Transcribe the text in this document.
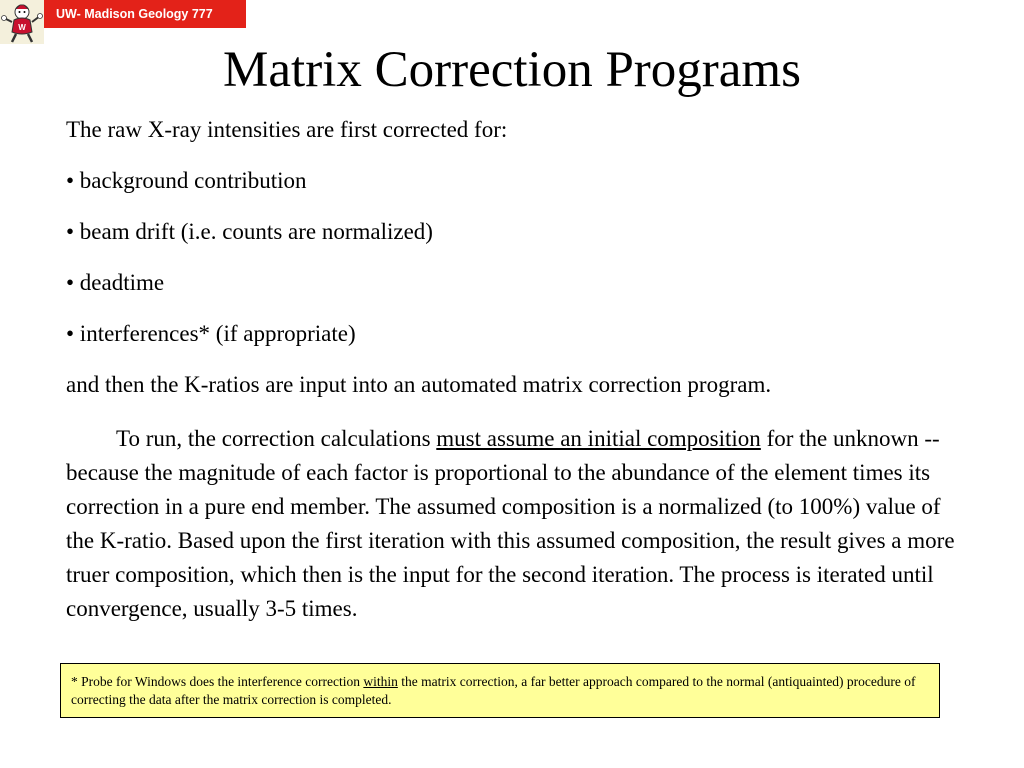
W
UW- Madison Geology 777
Matrix Correction Programs
The raw X-ray intensities are first corrected for:
• background contribution
• beam drift (i.e. counts are normalized)
• deadtime
• interferences* (if appropriate)
and then the K-ratios are input into an automated matrix correction program.
To run, the correction calculations must assume an initial composition for the unknown -- because the magnitude of each factor is proportional to the abundance of the element times its correction in a pure end member. The assumed composition is a normalized (to 100%) value of the K-ratio. Based upon the first iteration with this assumed composition, the result gives a more truer composition, which then is the input for the second iteration. The process is iterated until convergence, usually 3-5 times.
* Probe for Windows does the interference correction within the matrix correction, a far better approach compared to the normal (antiquainted) procedure of correcting the data after the matrix correction is completed.
